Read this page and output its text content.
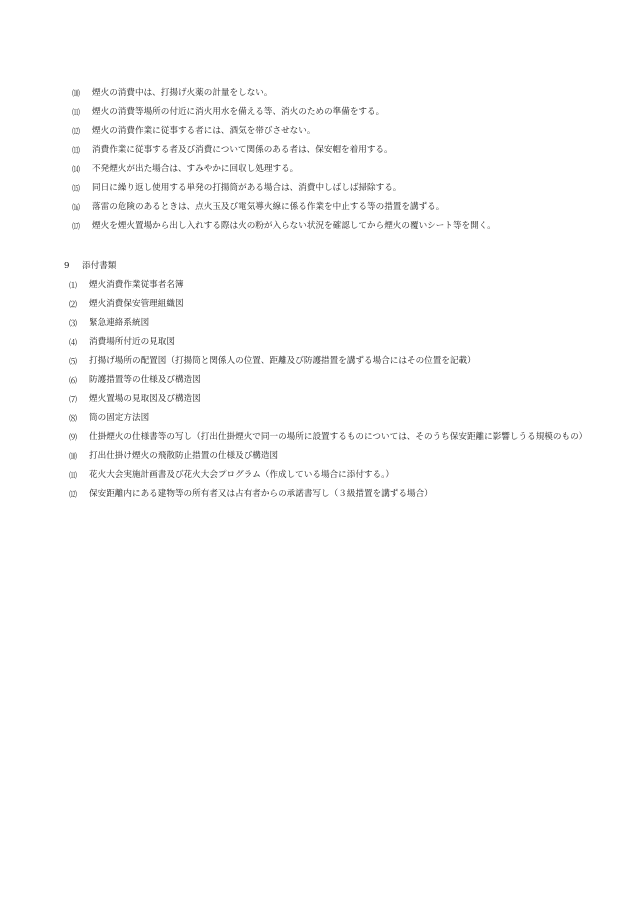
⑽	煙火の消費中は、打揚げ火薬の計量をしない。
⑾	煙火の消費等場所の付近に消火用水を備える等、消火のための準備をする。
⑿	煙火の消費作業に従事する者には、酒気を帯びさせない。
⒀	消費作業に従事する者及び消費について関係のある者は、保安帽を着用する。
⒁	不発煙火が出た場合は、すみやかに回収し処理する。
⒂	同日に繰り返し使用する単発の打揚筒がある場合は、消費中しばしば掃除する。
⒃	落雷の危険のあるときは、点火玉及び電気導火線に係る作業を中止する等の措置を講ずる。
⒄	煙火を煙火置場から出し入れする際は火の粉が入らない状況を確認してから煙火の覆いシート等を開く。
9 添付書類
⑴	煙火消費作業従事者名簿
⑵	煙火消費保安管理組織図
⑶	緊急連絡系統図
⑷	消費場所付近の見取図
⑸	打揚げ場所の配置図（打揚筒と関係人の位置、距離及び防護措置を講ずる場合にはその位置を記載）
⑹	防護措置等の仕様及び構造図
⑺	煙火置場の見取図及び構造図
⑻	筒の固定方法図
⑼	仕掛煙火の仕様書等の写し（打出仕掛煙火で同一の場所に設置するものについては、そのうち保安距離に影響しうる規模のもの）
⑽	打出仕掛け煙火の飛散防止措置の仕様及び構造図
⑾	花火大会実施計画書及び花火大会プログラム（作成している場合に添付する。）
⑿	保安距離内にある建物等の所有者又は占有者からの承諾書写し（３級措置を講ずる場合）
